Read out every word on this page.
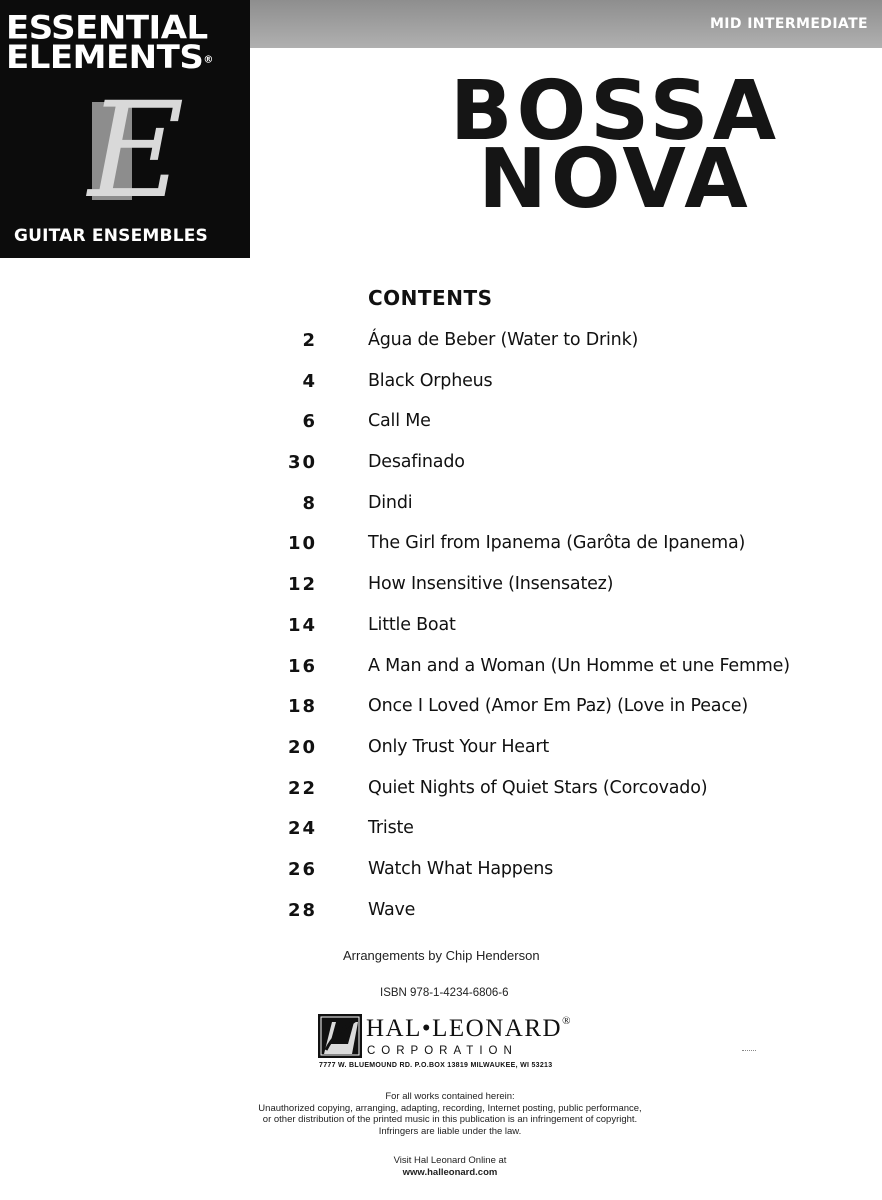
ESSENTIAL
ELEMENTS®
E
GUITAR ENSEMBLES
MID INTERMEDIATE
BOSSA
NOVA
CONTENTS
2	Água de Beber (Water to Drink)
4	Black Orpheus
6	Call Me
30	Desafinado
8	Dindi
10	The Girl from Ipanema (Garôta de Ipanema)
12	How Insensitive (Insensatez)
14	Little Boat
16	A Man and a Woman (Un Homme et une Femme)
18	Once I Loved (Amor Em Paz) (Love in Peace)
20	Only Trust Your Heart
22	Quiet Nights of Quiet Stars (Corcovado)
24	Triste
26	Watch What Happens
28	Wave
Arrangements by Chip Henderson
ISBN 978-1-4234-6806-6
HAL•LEONARD®
CORPORATION
7777 W. BLUEMOUND RD. P.O.BOX 13819 MILWAUKEE, WI 53213
For all works contained herein:
Unauthorized copying, arranging, adapting, recording, Internet posting, public performance,
or other distribution of the printed music in this publication is an infringement of copyright.
Infringers are liable under the law.
Visit Hal Leonard Online at
www.halleonard.com
